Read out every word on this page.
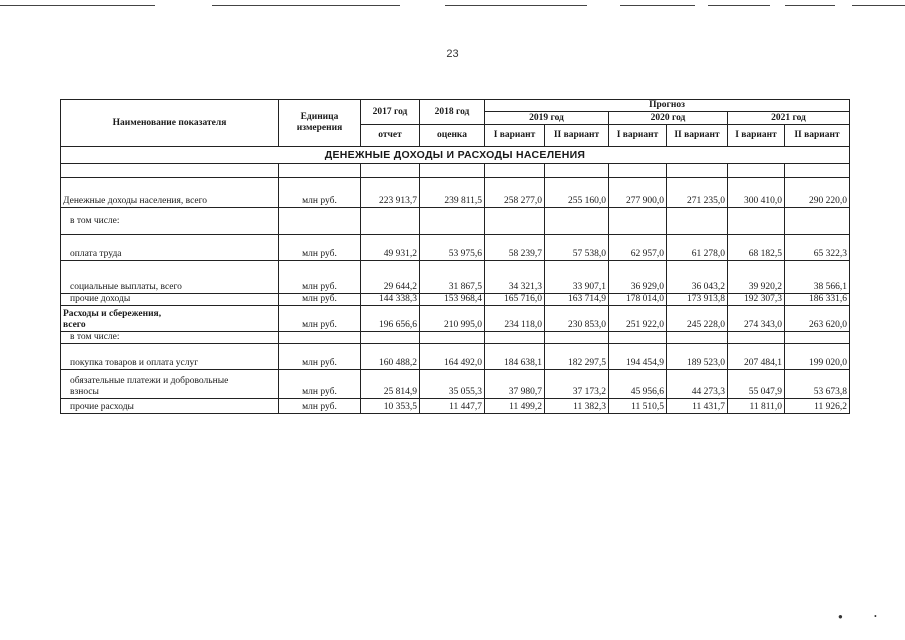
23
Наименование показателя	Единица измерения	2017 год	2018 год	Прогноз					
				2019 год		2020 год		2021 год	
		отчет	оценка	I вариант	II вариант	I вариант	II вариант	I вариант	II вариант
ДЕНЕЖНЫЕ ДОХОДЫ И РАСХОДЫ НАСЕЛЕНИЯ									

Денежные доходы населения, всего	млн руб.	223 913,7	239 811,5	258 277,0	255 160,0	277 900,0	271 235,0	300 410,0	290 220,0
в том числе:									
оплата труда	млн руб.	49 931,2	53 975,6	58 239,7	57 538,0	62 957,0	61 278,0	68 182,5	65 322,3
социальные выплаты, всего	млн руб.	29 644,2	31 867,5	34 321,3	33 907,1	36 929,0	36 043,2	39 920,2	38 566,1
прочие доходы	млн руб.	144 338,3	153 968,4	165 716,0	163 714,9	178 014,0	173 913,8	192 307,3	186 331,6

Расходы и сбережения,
всего	млн руб.	196 656,6	210 995,0	234 118,0	230 853,0	251 922,0	245 228,0	274 343,0	263 620,0
в том числе:									
покупка товаров и оплата услуг	млн руб.	160 488,2	164 492,0	184 638,1	182 297,5	194 454,9	189 523,0	207 484,1	199 020,0

обязательные платежи и добровольные
взносы	млн руб.	25 814,9	35 055,3	37 980,7	37 173,2	45 956,6	44 273,3	55 047,9	53 673,8
прочие расходы	млн руб.	10 353,5	11 447,7	11 499,2	11 382,3	11 510,5	11 431,7	11 811,0	11 926,2
●	•
